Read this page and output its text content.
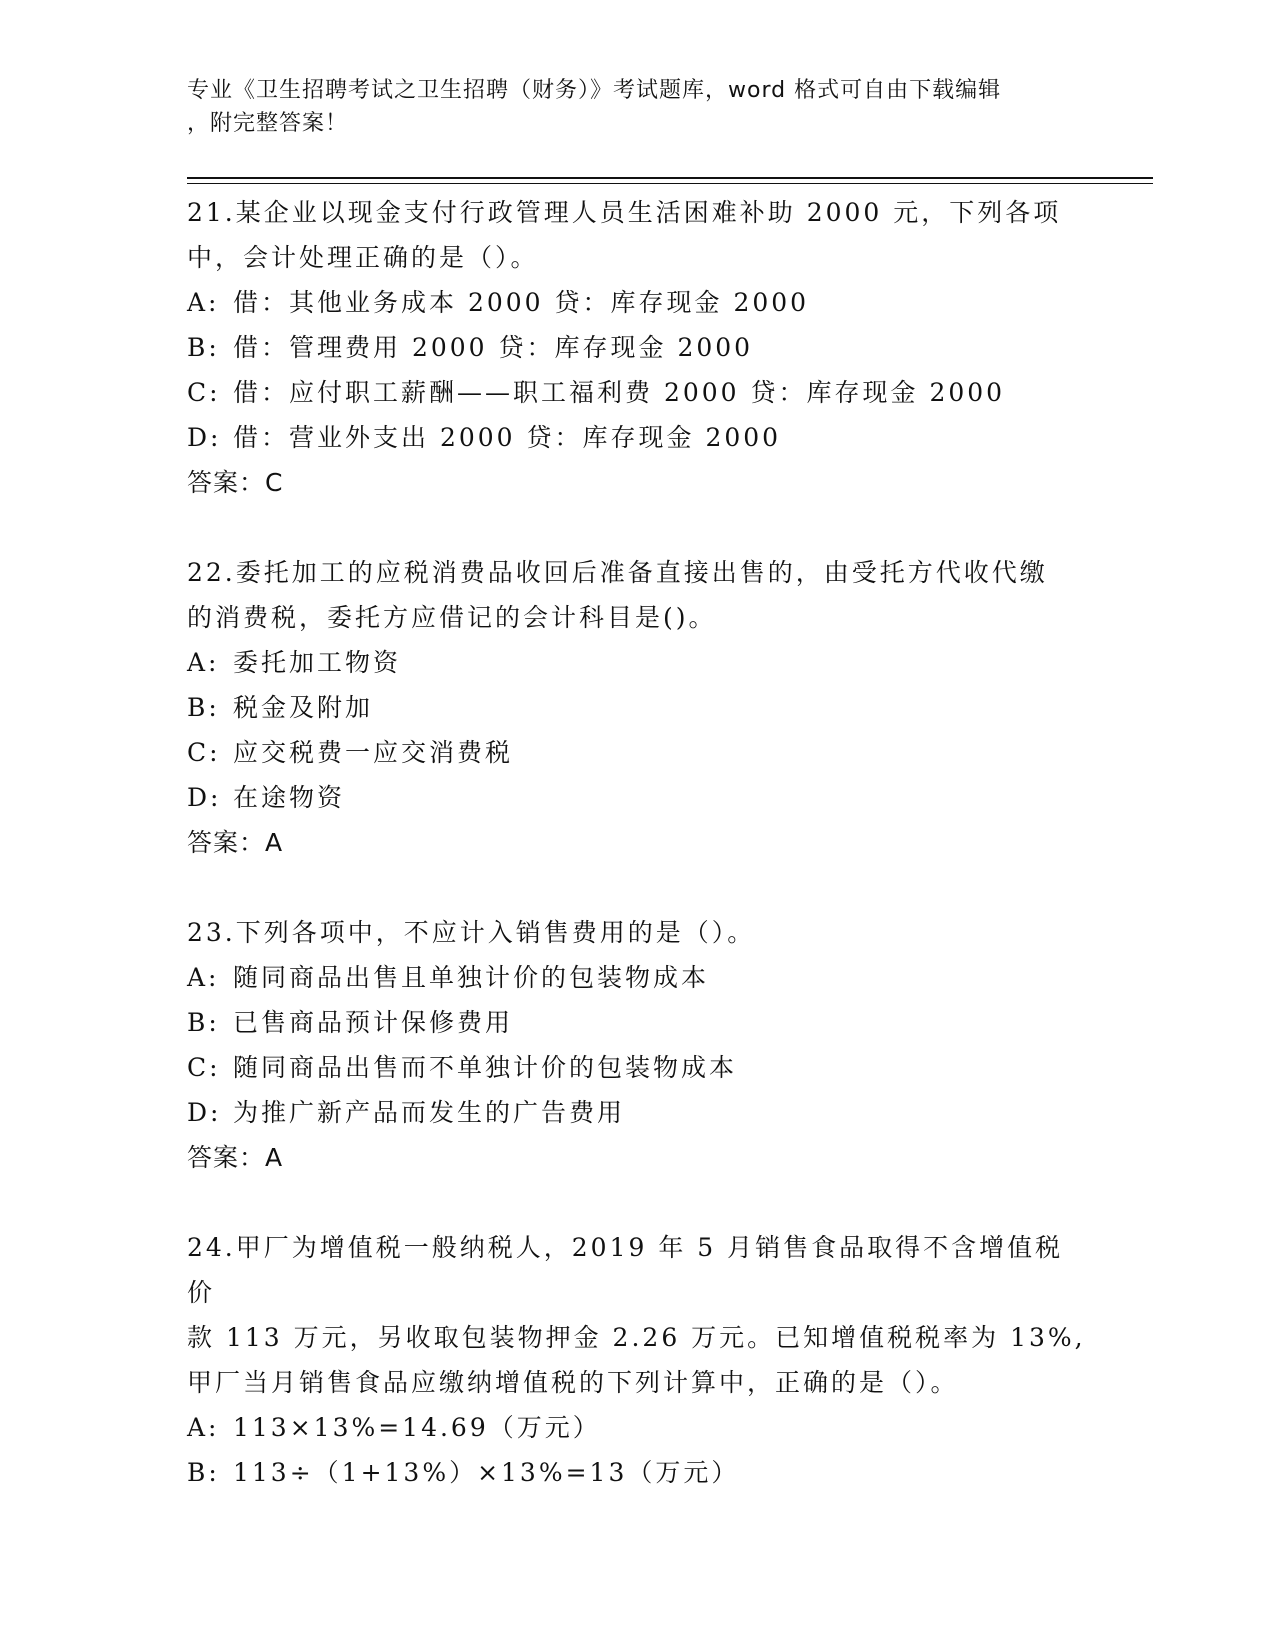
专业《卫生招聘考试之卫生招聘（财务）》考试题库，word 格式可自由下载编辑
，附完整答案！

21.某企业以现金支付行政管理人员生活困难补助 2000 元，下列各项

中，会计处理正确的是（）。

A: 借：其他业务成本 2000 贷：库存现金 2000

B: 借：管理费用 2000 贷：库存现金 2000

C: 借：应付职工薪酬——职工福利费 2000 贷：库存现金 2000

D: 借：营业外支出 2000 贷：库存现金 2000

答案：C

22.委托加工的应税消费品收回后准备直接出售的，由受托方代收代缴

的消费税，委托方应借记的会计科目是()。

A: 委托加工物资

B: 税金及附加

C: 应交税费一应交消费税

D: 在途物资

答案：A

23.下列各项中，不应计入销售费用的是（）。

A: 随同商品出售且单独计价的包装物成本

B: 已售商品预计保修费用

C: 随同商品出售而不单独计价的包装物成本

D: 为推广新产品而发生的广告费用

答案：A

24.甲厂为增值税一般纳税人，2019 年 5 月销售食品取得不含增值税价

款 113 万元，另收取包装物押金 2.26 万元。已知增值税税率为 13%,

甲厂当月销售食品应缴纳增值税的下列计算中，正确的是（）。

A: 113×13%=14.69（万元）

B: 113÷（1+13%）×13%=13（万元）
